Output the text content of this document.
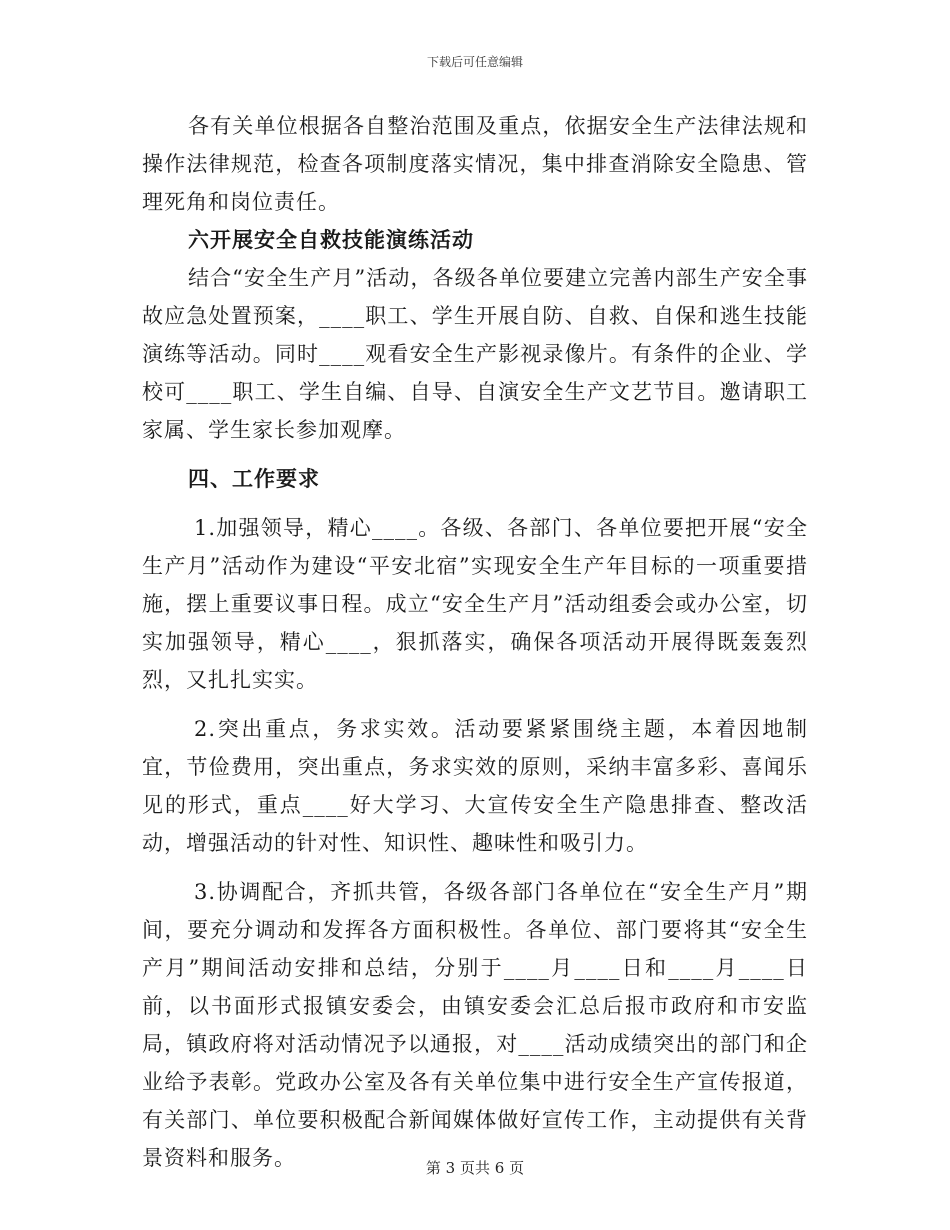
下载后可任意编辑

各有关单位根据各自整治范围及重点，依据安全生产法律法规和操作法律规范，检查各项制度落实情况，集中排查消除安全隐患、管理死角和岗位责任。

六开展安全自救技能演练活动

结合“安全生产月”活动，各级各单位要建立完善内部生产安全事故应急处置预案，____职工、学生开展自防、自救、自保和逃生技能演练等活动。同时____观看安全生产影视录像片。有条件的企业、学校可____职工、学生自编、自导、自演安全生产文艺节目。邀请职工家属、学生家长参加观摩。

四、工作要求

1.加强领导，精心____。各级、各部门、各单位要把开展“安全生产月”活动作为建设“平安北宿”实现安全生产年目标的一项重要措施，摆上重要议事日程。成立“安全生产月”活动组委会或办公室，切实加强领导，精心____，狠抓落实，确保各项活动开展得既轰轰烈烈，又扎扎实实。

2.突出重点，务求实效。活动要紧紧围绕主题，本着因地制宜，节俭费用，突出重点，务求实效的原则，采纳丰富多彩、喜闻乐见的形式，重点____好大学习、大宣传安全生产隐患排查、整改活动，增强活动的针对性、知识性、趣味性和吸引力。

3.协调配合，齐抓共管，各级各部门各单位在“安全生产月”期间，要充分调动和发挥各方面积极性。各单位、部门要将其“安全生产月”期间活动安排和总结，分别于____月____日和____月____日前，以书面形式报镇安委会，由镇安委会汇总后报市政府和市安监局，镇政府将对活动情况予以通报，对____活动成绩突出的部门和企业给予表彰。党政办公室及各有关单位集中进行安全生产宣传报道，有关部门、单位要积极配合新闻媒体做好宣传工作，主动提供有关背景资料和服务。	第 3 页共 6 页
